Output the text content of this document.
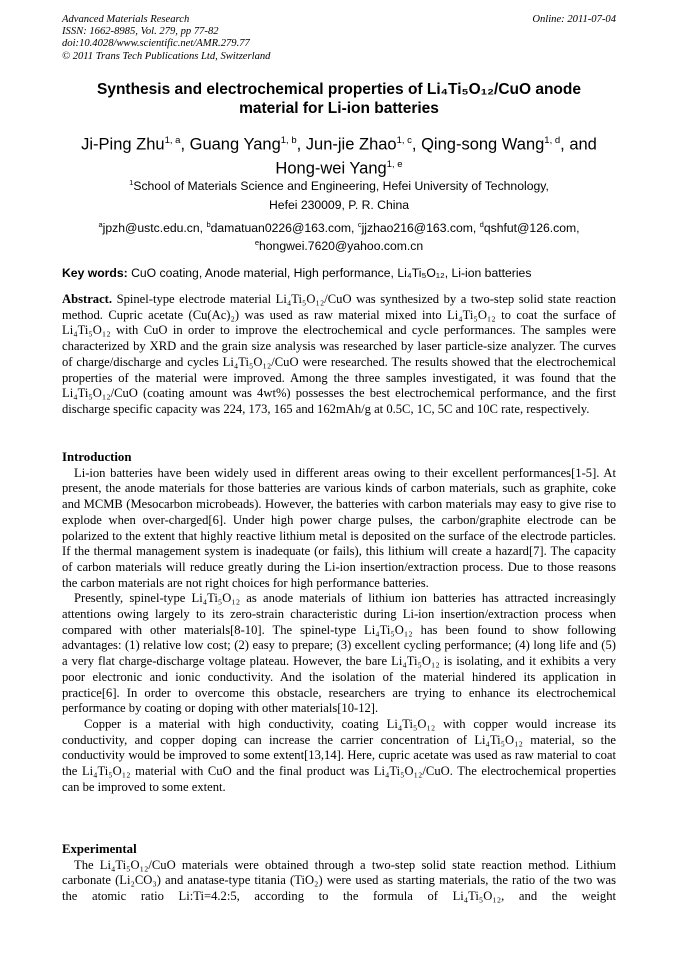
Advanced Materials Research
ISSN: 1662-8985, Vol. 279, pp 77-82
doi:10.4028/www.scientific.net/AMR.279.77
© 2011 Trans Tech Publications Ltd, Switzerland
Online: 2011-07-04
Synthesis and electrochemical properties of Li₄Ti₅O₁₂/CuO anode
material for Li-ion batteries
Ji-Ping Zhu$^{1, a}$, Guang Yang$^{1, b}$, Jun-jie Zhao$^{1, c}$, Qing-song Wang$^{1, d}$, and
Hong-wei Yang$^{1, e}$
$^1$School of Materials Science and Engineering, Hefei University of Technology,
Hefei 230009, P. R. China
$^a$jpzh@ustc.edu.cn, $^b$damatuan0226@163.com, $^c$jjzhao216@163.com, $^d$qshfut@126.com,
$^e$hongwei.7620@yahoo.com.cn
Key words: CuO coating, Anode material, High performance, Li₄Ti₅O₁₂, Li-ion batteries

Abstract. Spinel-type electrode material Li₄Ti₅O₁₂/CuO was synthesized by a two-step solid state reaction method. Cupric acetate (Cu(Ac)₂) was used as raw material mixed into Li₄Ti₅O₁₂ to coat the surface of Li₄Ti₅O₁₂ with CuO in order to improve the electrochemical and cycle performances. The samples were characterized by XRD and the grain size analysis was researched by laser particle-size analyzer. The curves of charge/discharge and cycles Li₄Ti₅O₁₂/CuO were researched. The results showed that the electrochemical properties of the material were improved. Among the three samples investigated, it was found that the Li₄Ti₅O₁₂/CuO (coating amount was 4wt%) possesses the best electrochemical performance, and the first discharge specific capacity was 224, 173, 165 and 162mAh/g at 0.5C, 1C, 5C and 10C rate, respectively.

Introduction

Li-ion batteries have been widely used in different areas owing to their excellent performances[1-5]. At present, the anode materials for those batteries are various kinds of carbon materials, such as graphite, coke and MCMB (Mesocarbon microbeads). However, the batteries with carbon materials may easy to give rise to explode when over-charged[6]. Under high power charge pulses, the carbon/graphite electrode can be polarized to the extent that highly reactive lithium metal is deposited on the surface of the electrode particles. If the thermal management system is inadequate (or fails), this lithium will create a hazard[7]. The capacity of carbon materials will reduce greatly during the Li-ion insertion/extraction process. Due to those reasons the carbon materials are not right choices for high performance batteries.

Presently, spinel-type Li₄Ti₅O₁₂ as anode materials of lithium ion batteries has attracted increasingly attentions owing largely to its zero-strain characteristic during Li-ion insertion/extraction process when compared with other materials[8-10]. The spinel-type Li₄Ti₅O₁₂ has been found to show following advantages: (1) relative low cost; (2) easy to prepare; (3) excellent cycling performance; (4) long life and (5) a very flat charge-discharge voltage plateau. However, the bare Li₄Ti₅O₁₂ is isolating, and it exhibits a very poor electronic and ionic conductivity. And the isolation of the material hindered its application in practice[6]. In order to overcome this obstacle, researchers are trying to enhance its electrochemical performance by coating or doping with other materials[10-12].

Copper is a material with high conductivity, coating Li₄Ti₅O₁₂ with copper would increase its conductivity, and copper doping can increase the carrier concentration of Li₄Ti₅O₁₂ material, so the conductivity would be improved to some extent[13,14]. Here, cupric acetate was used as raw material to coat the Li₄Ti₅O₁₂ material with CuO and the final product was Li₄Ti₅O₁₂/CuO. The electrochemical properties can be improved to some extent.

Experimental

The Li₄Ti₅O₁₂/CuO materials were obtained through a two-step solid state reaction method. Lithium carbonate (Li₂CO₃) and anatase-type titania (TiO₂) were used as starting materials, the ratio of the two was the atomic ratio Li:Ti=4.2:5, according to the formula of Li₄Ti₅O₁₂, and the weight
